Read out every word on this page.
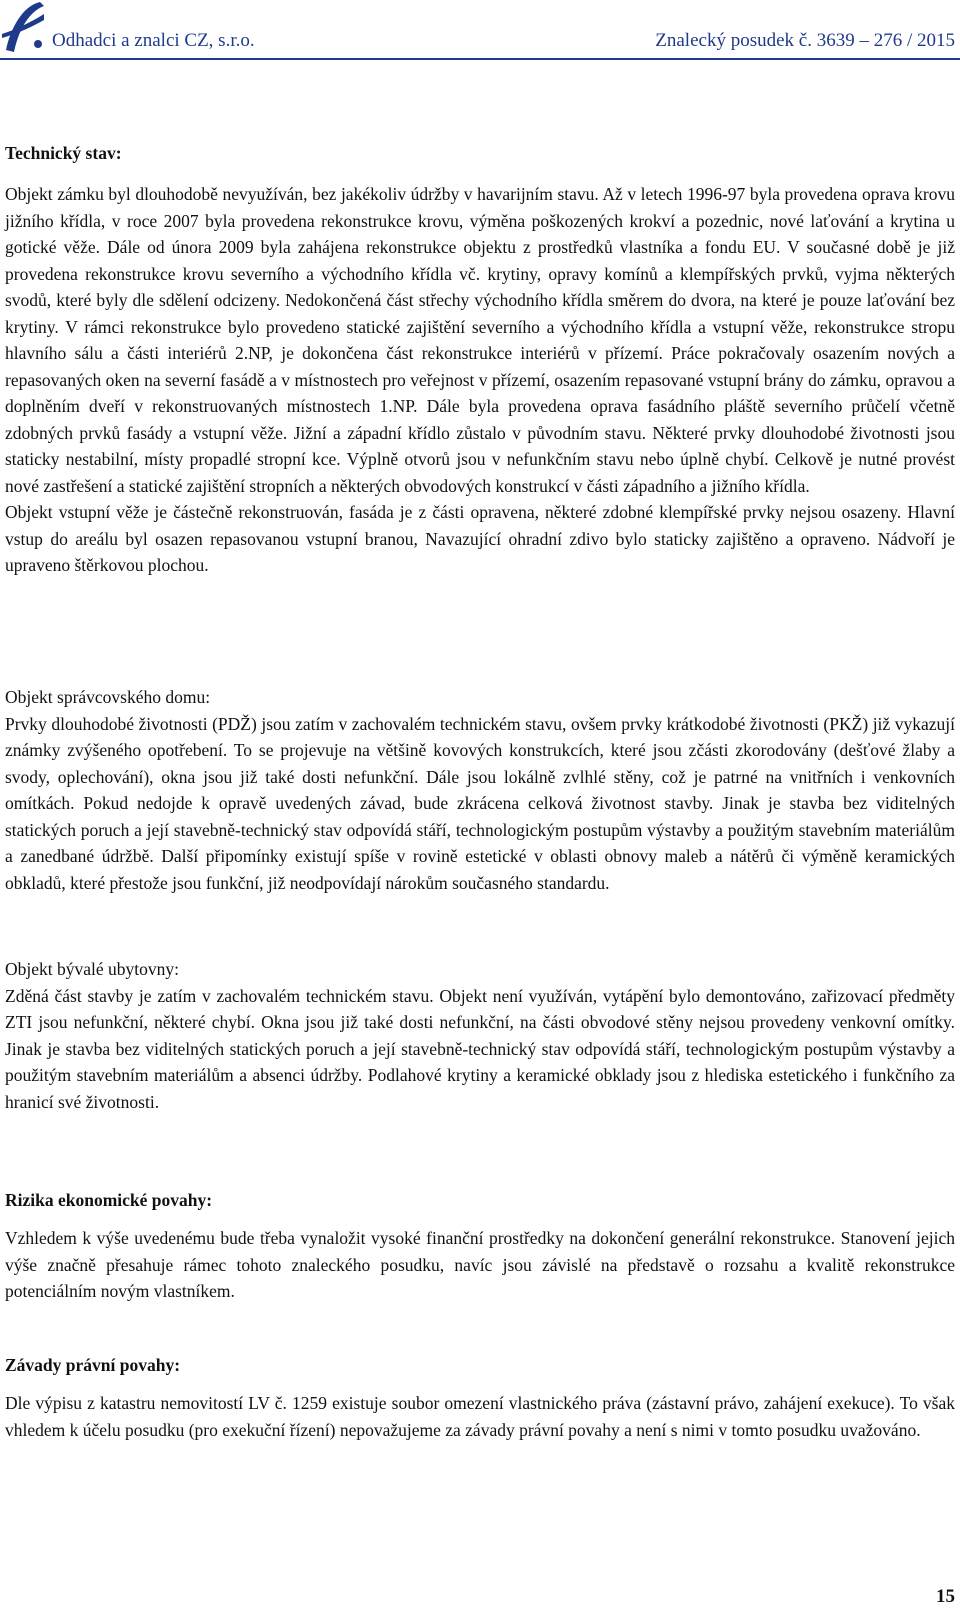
Odhadci a znalci CZ, s.r.o.	Znalecký posudek č. 3639 – 276 / 2015
Technický stav:

Objekt zámku byl dlouhodobě nevyužíván, bez jakékoliv údržby v havarijním stavu. Až v letech 1996-97 byla provedena oprava krovu jižního křídla, v roce 2007 byla provedena rekonstrukce krovu, výměna poškozených krokví a pozednic, nové laťování a krytina u gotické věže. Dále od února 2009 byla zahájena rekonstrukce objektu z prostředků vlastníka a fondu EU. V současné době je již provedena rekonstrukce krovu severního a východního křídla vč. krytiny, opravy komínů a klempířských prvků, vyjma některých svodů, které byly dle sdělení odcizeny. Nedokončená část střechy východního křídla směrem do dvora, na které je pouze laťování bez krytiny. V rámci rekonstrukce bylo provedeno statické zajištění severního a východního křídla a vstupní věže, rekonstrukce stropu hlavního sálu a části interiérů 2.NP, je dokončena část rekonstrukce interiérů v přízemí. Práce pokračovaly osazením nových a repasovaných oken na severní fasádě a v místnostech pro veřejnost v přízemí, osazením repasované vstupní brány do zámku, opravou a doplněním dveří v rekonstruovaných místnostech 1.NP. Dále byla provedena oprava fasádního pláště severního průčelí včetně zdobných prvků fasády a vstupní věže. Jižní a západní křídlo zůstalo v původním stavu. Některé prvky dlouhodobé životnosti jsou staticky nestabilní, místy propadlé stropní kce. Výplně otvorů jsou v nefunkčním stavu nebo úplně chybí. Celkově je nutné provést nové zastřešení a statické zajištění stropních a některých obvodových konstrukcí v části západního a jižního křídla.

Objekt vstupní věže je částečně rekonstruován, fasáda je z části opravena, některé zdobné klempířské prvky nejsou osazeny. Hlavní vstup do areálu byl osazen repasovanou vstupní branou, Navazující ohradní zdivo bylo staticky zajištěno a opraveno. Nádvoří je upraveno štěrkovou plochou.

Objekt správcovského domu:

Prvky dlouhodobé životnosti (PDŽ) jsou zatím v zachovalém technickém stavu, ovšem prvky krátkodobé životnosti (PKŽ) již vykazují známky zvýšeného opotřebení. To se projevuje na většině kovových konstrukcích, které jsou zčásti zkorodovány (dešťové žlaby a svody, oplechování), okna jsou již také dosti nefunkční. Dále jsou lokálně zvlhlé stěny, což je patrné na vnitřních i venkovních omítkách. Pokud nedojde k opravě uvedených závad, bude zkrácena celková životnost stavby. Jinak je stavba bez viditelných statických poruch a její stavebně-technický stav odpovídá stáří, technologickým postupům výstavby a použitým stavebním materiálům a zanedbané údržbě. Další připomínky existují spíše v rovině estetické v oblasti obnovy maleb a nátěrů či výměně keramických obkladů, které přestože jsou funkční, již neodpovídají nárokům současného standardu.

Objekt bývalé ubytovny:

Zděná část stavby je zatím v zachovalém technickém stavu. Objekt není využíván, vytápění bylo demontováno, zařizovací předměty ZTI jsou nefunkční, některé chybí. Okna jsou již také dosti nefunkční, na části obvodové stěny nejsou provedeny venkovní omítky. Jinak je stavba bez viditelných statických poruch a její stavebně-technický stav odpovídá stáří, technologickým postupům výstavby a použitým stavebním materiálům a absenci údržby. Podlahové krytiny a keramické obklady jsou z hlediska estetického i funkčního za hranicí své životnosti.

Rizika ekonomické povahy:

Vzhledem k výše uvedenému bude třeba vynaložit vysoké finanční prostředky na dokončení generální rekonstrukce. Stanovení jejich výše značně přesahuje rámec tohoto znaleckého posudku, navíc jsou závislé na představě o rozsahu a kvalitě rekonstrukce potenciálním novým vlastníkem.

Závady právní povahy:

Dle výpisu z katastru nemovitostí LV č. 1259 existuje soubor omezení vlastnického práva (zástavní právo, zahájení exekuce). To však vhledem k účelu posudku (pro exekuční řízení) nepovažujeme za závady právní povahy a není s nimi v tomto posudku uvažováno.

15
